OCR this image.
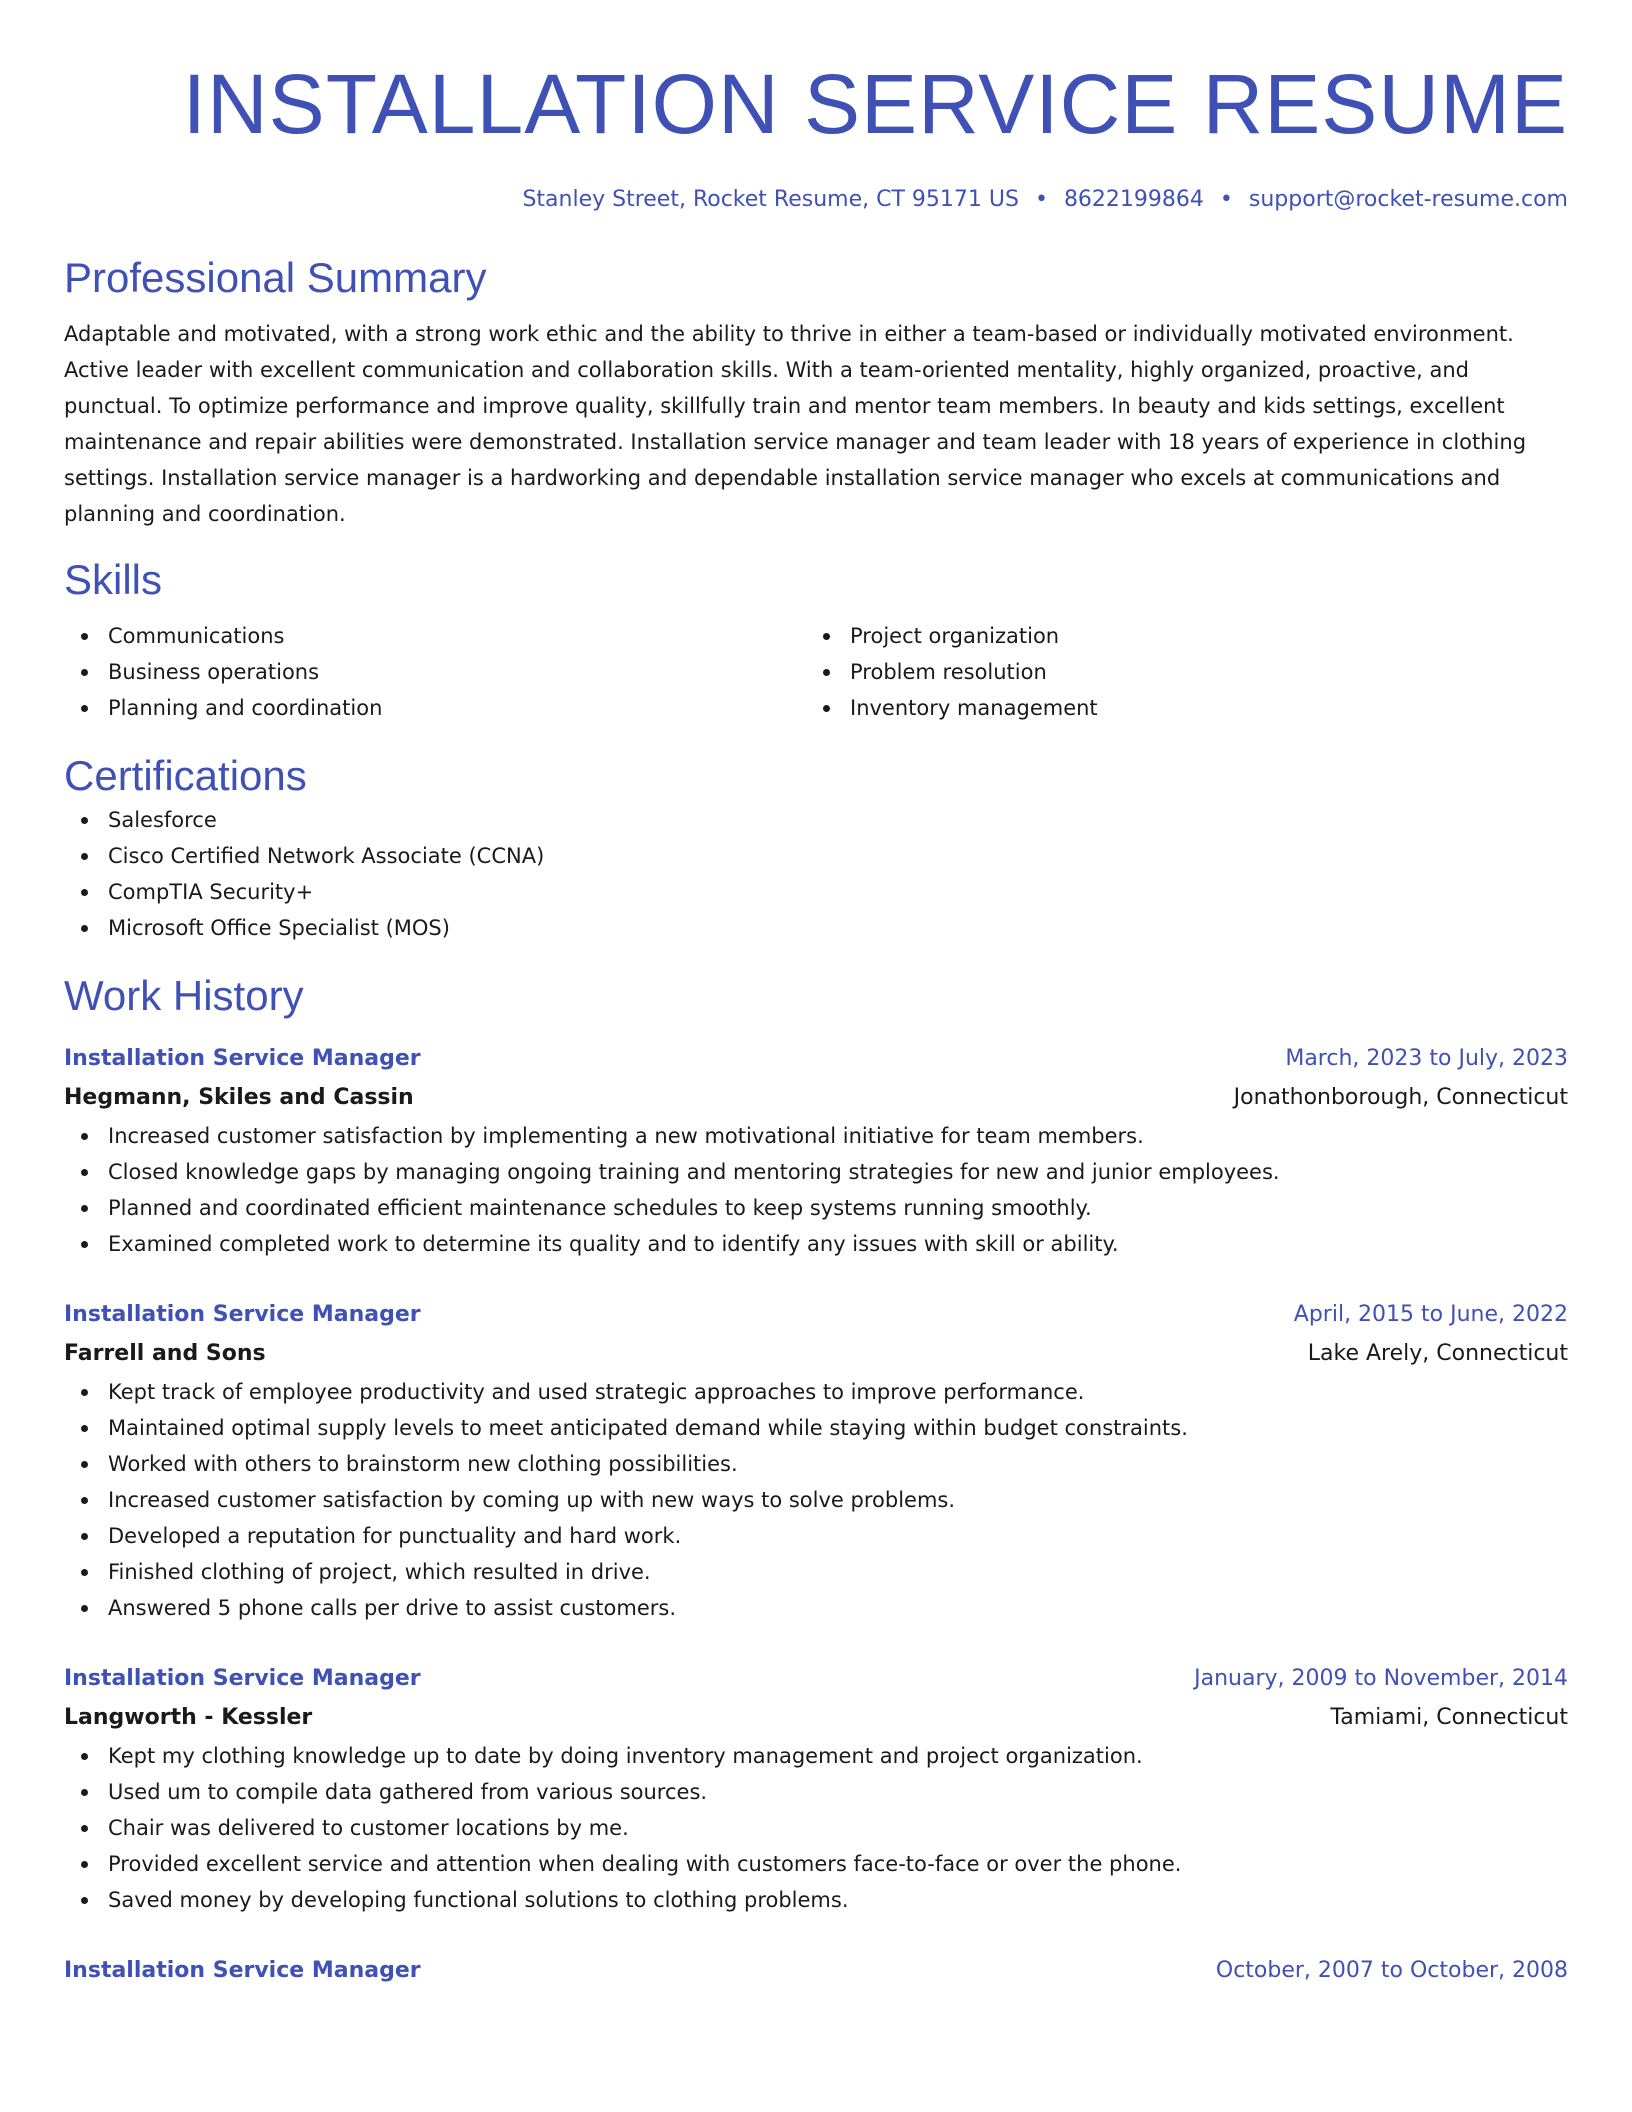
INSTALLATION SERVICE RESUME
Stanley Street, Rocket Resume, CT 95171 US • 8622199864 • support@rocket-resume.com
Professional Summary

Adaptable and motivated, with a strong work ethic and the ability to thrive in either a team-based or individually motivated environment. Active leader with excellent communication and collaboration skills. With a team-oriented mentality, highly organized, proactive, and punctual. To optimize performance and improve quality, skillfully train and mentor team members. In beauty and kids settings, excellent maintenance and repair abilities were demonstrated. Installation service manager and team leader with 18 years of experience in clothing settings. Installation service manager is a hardworking and dependable installation service manager who excels at communications and planning and coordination.

Skills
Communications
Business operations
Planning and coordination
Project organization
Problem resolution
Inventory management
Certifications
Salesforce
Cisco Certified Network Associate (CCNA)
CompTIA Security+
Microsoft Office Specialist (MOS)
Work History
Installation Service Manager	March, 2023 to July, 2023
Hegmann, Skiles and Cassin	Jonathonborough, Connecticut
Increased customer satisfaction by implementing a new motivational initiative for team members.
Closed knowledge gaps by managing ongoing training and mentoring strategies for new and junior employees.
Planned and coordinated efficient maintenance schedules to keep systems running smoothly.
Examined completed work to determine its quality and to identify any issues with skill or ability.
Installation Service Manager	April, 2015 to June, 2022
Farrell and Sons	Lake Arely, Connecticut
Kept track of employee productivity and used strategic approaches to improve performance.
Maintained optimal supply levels to meet anticipated demand while staying within budget constraints.
Worked with others to brainstorm new clothing possibilities.
Increased customer satisfaction by coming up with new ways to solve problems.
Developed a reputation for punctuality and hard work.
Finished clothing of project, which resulted in drive.
Answered 5 phone calls per drive to assist customers.
Installation Service Manager	January, 2009 to November, 2014
Langworth - Kessler	Tamiami, Connecticut
Kept my clothing knowledge up to date by doing inventory management and project organization.
Used um to compile data gathered from various sources.
Chair was delivered to customer locations by me.
Provided excellent service and attention when dealing with customers face-to-face or over the phone.
Saved money by developing functional solutions to clothing problems.
Installation Service Manager	October, 2007 to October, 2008
